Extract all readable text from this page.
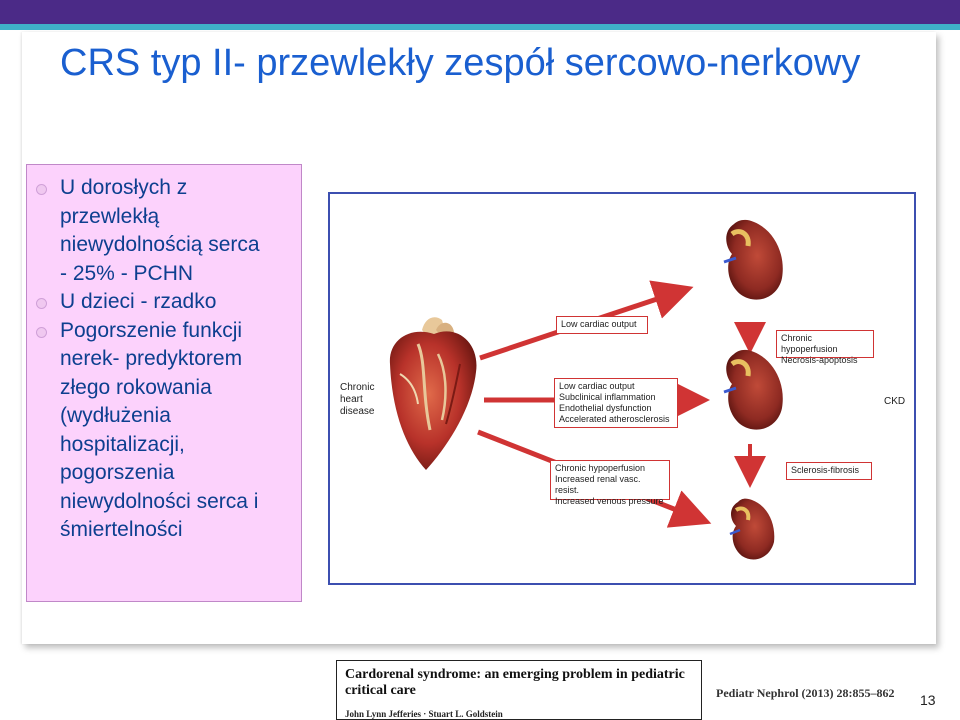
CRS typ II- przewlekły zespół sercowo-nerkowy
U dorosłych z
przewlekłą
niewydolnością serca
- 25% - PCHN
U dzieci - rzadko
Pogorszenie funkcji
nerek- predyktorem
złego rokowania
(wydłużenia
hospitalizacji,
pogorszenia
niewydolności serca i
śmiertelności
Chronic
heart
disease
Low cardiac output
Low cardiac output
Subclinical inflammation
Endothelial dysfunction
Accelerated atherosclerosis
Chronic hypoperfusion
Increased renal vasc. resist.
Increased venous pressure
Chronic hypoperfusion
Necrosis-apoptosis
Sclerosis-fibrosis
CKD
Cardorenal syndrome: an emerging problem in pediatric
critical care
John Lynn Jefferies · Stuart L. Goldstein
Pediatr Nephrol (2013) 28:855–862 13
